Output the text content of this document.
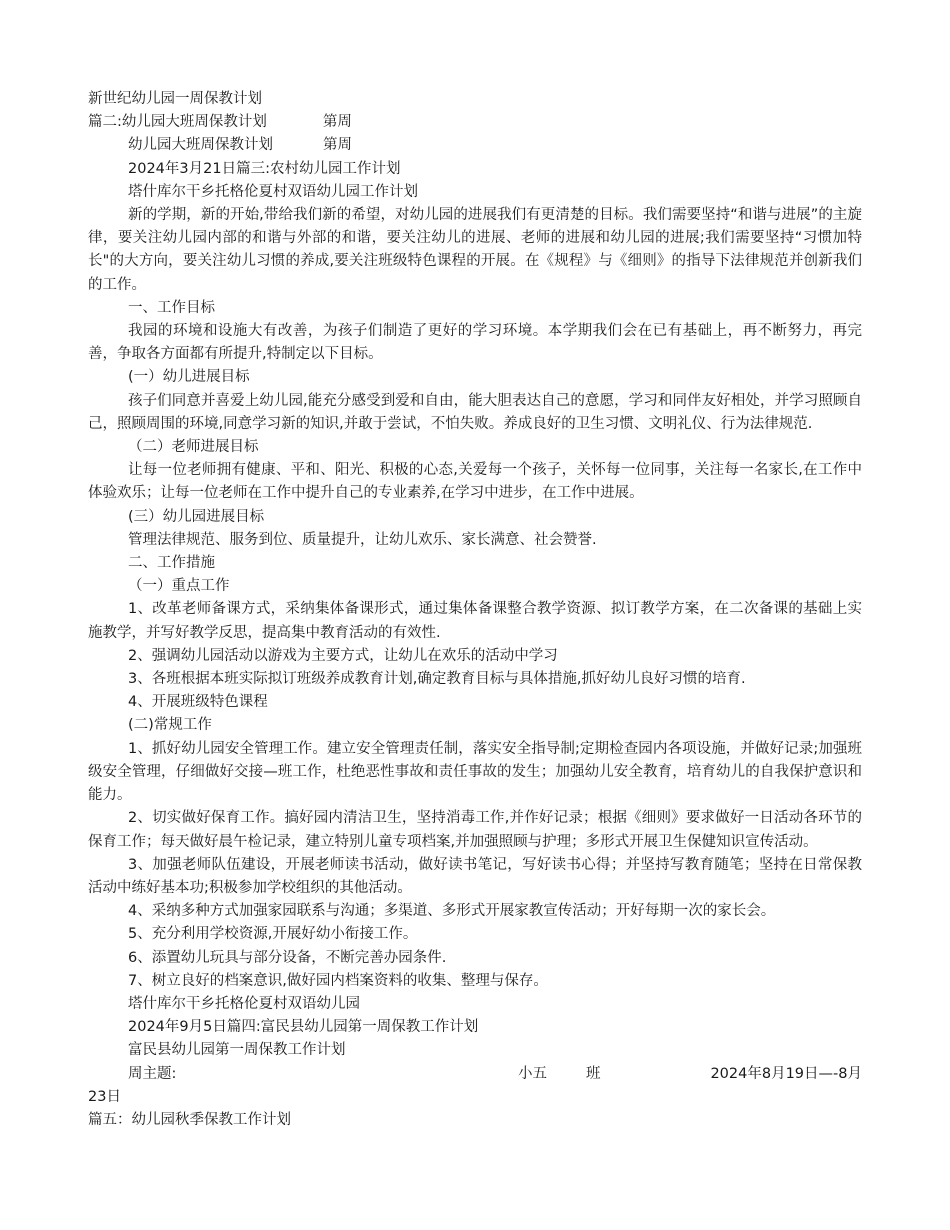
新世纪幼儿园一周保教计划
篇二:幼儿园大班周保教计划	第周
幼儿园大班周保教计划	第周
2024年3月21日篇三:农村幼儿园工作计划
塔什库尔干乡托格伦夏村双语幼儿园工作计划
新的学期，新的开始,带给我们新的希望，对幼儿园的进展我们有更清楚的目标。我们需要坚持“和谐与进展”的主旋律，要关注幼儿园内部的和谐与外部的和谐，要关注幼儿的进展、老师的进展和幼儿园的进展;我们需要坚持“习惯加特长"的大方向，要关注幼儿习惯的养成,要关注班级特色课程的开展。在《规程》与《细则》的指导下法律规范并创新我们的工作。
一、工作目标
我园的环境和设施大有改善，为孩子们制造了更好的学习环境。本学期我们会在已有基础上，再不断努力，再完善，争取各方面都有所提升,特制定以下目标。
(一）幼儿进展目标
孩子们同意并喜爱上幼儿园,能充分感受到爱和自由，能大胆表达自己的意愿，学习和同伴友好相处，并学习照顾自己，照顾周围的环境,同意学习新的知识,并敢于尝试，不怕失败。养成良好的卫生习惯、文明礼仪、行为法律规范.
（二）老师进展目标
让每一位老师拥有健康、平和、阳光、积极的心态,关爱每一个孩子，关怀每一位同事，关注每一名家长,在工作中体验欢乐；让每一位老师在工作中提升自己的专业素养,在学习中进步，在工作中进展。
(三）幼儿园进展目标
管理法律规范、服务到位、质量提升，让幼儿欢乐、家长满意、社会赞誉.
二、工作措施
（一）重点工作
1、改革老师备课方式，采纳集体备课形式，通过集体备课整合教学资源、拟订教学方案，在二次备课的基础上实施教学，并写好教学反思，提高集中教育活动的有效性.
2、强调幼儿园活动以游戏为主要方式，让幼儿在欢乐的活动中学习
3、各班根据本班实际拟订班级养成教育计划,确定教育目标与具体措施,抓好幼儿良好习惯的培育.
4、开展班级特色课程
(二)常规工作
1、抓好幼儿园安全管理工作。建立安全管理责任制，落实安全指导制;定期检查园内各项设施，并做好记录;加强班级安全管理，仔细做好交接—班工作，杜绝恶性事故和责任事故的发生；加强幼儿安全教育，培育幼儿的自我保护意识和能力。
2、切实做好保育工作。搞好园内清洁卫生，坚持消毒工作,并作好记录；根据《细则》要求做好一日活动各环节的保育工作；每天做好晨午检记录，建立特别儿童专项档案,并加强照顾与护理；多形式开展卫生保健知识宣传活动。
3、加强老师队伍建设，开展老师读书活动，做好读书笔记，写好读书心得；并坚持写教育随笔；坚持在日常保教活动中练好基本功;积极参加学校组织的其他活动。
4、采纳多种方式加强家园联系与沟通；多渠道、多形式开展家教宣传活动；开好每期一次的家长会。
5、充分利用学校资源,开展好幼小衔接工作。
6、添置幼儿玩具与部分设备，不断完善办园条件.
7、树立良好的档案意识,做好园内档案资料的收集、整理与保存。
塔什库尔干乡托格伦夏村双语幼儿园
2024年9月5日篇四:富民县幼儿园第一周保教工作计划
富民县幼儿园第一周保教工作计划
周主题:	小五	班	2024年8月19日—-8月
23日
篇五：幼儿园秋季保教工作计划
